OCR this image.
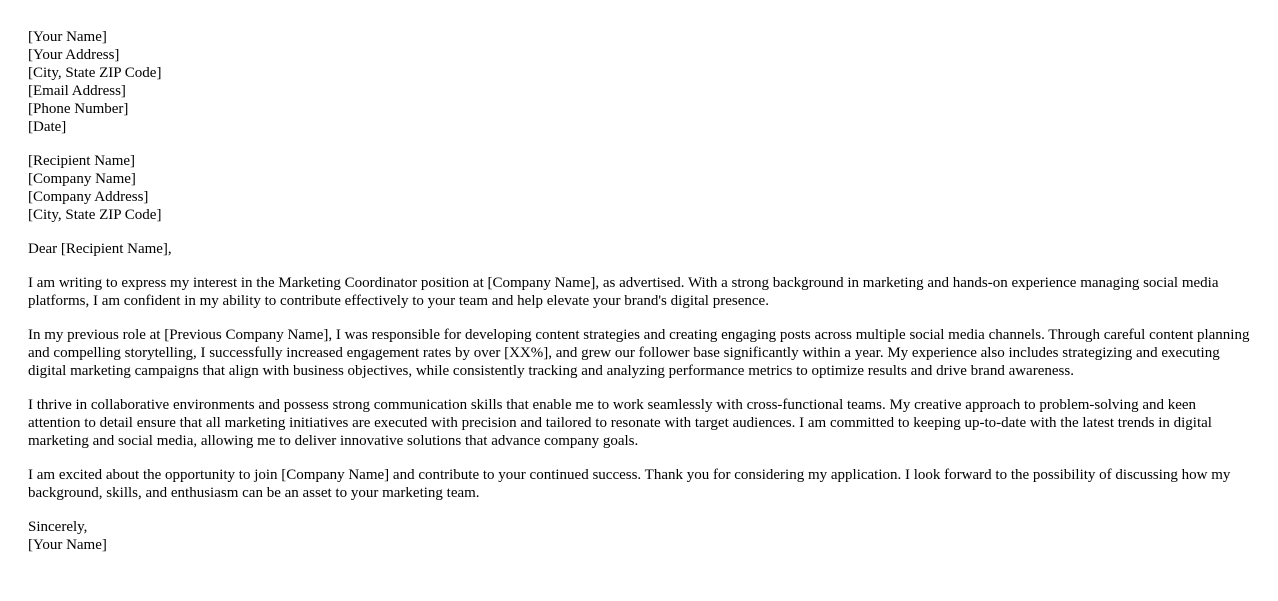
[Your Name]
[Your Address]
[City, State ZIP Code]
[Email Address]
[Phone Number]
[Date]
[Recipient Name]
[Company Name]
[Company Address]
[City, State ZIP Code]

Dear [Recipient Name],

I am writing to express my interest in the Marketing Coordinator position at [Company Name], as advertised. With a strong background in marketing and hands-on experience managing social media platforms, I am confident in my ability to contribute effectively to your team and help elevate your brand's digital presence.

In my previous role at [Previous Company Name], I was responsible for developing content strategies and creating engaging posts across multiple social media channels. Through careful content planning and compelling storytelling, I successfully increased engagement rates by over [XX%], and grew our follower base significantly within a year. My experience also includes strategizing and executing digital marketing campaigns that align with business objectives, while consistently tracking and analyzing performance metrics to optimize results and drive brand awareness.

I thrive in collaborative environments and possess strong communication skills that enable me to work seamlessly with cross-functional teams. My creative approach to problem-solving and keen attention to detail ensure that all marketing initiatives are executed with precision and tailored to resonate with target audiences. I am committed to keeping up-to-date with the latest trends in digital marketing and social media, allowing me to deliver innovative solutions that advance company goals.

I am excited about the opportunity to join [Company Name] and contribute to your continued success. Thank you for considering my application. I look forward to the possibility of discussing how my background, skills, and enthusiasm can be an asset to your marketing team.

Sincerely,
[Your Name]
